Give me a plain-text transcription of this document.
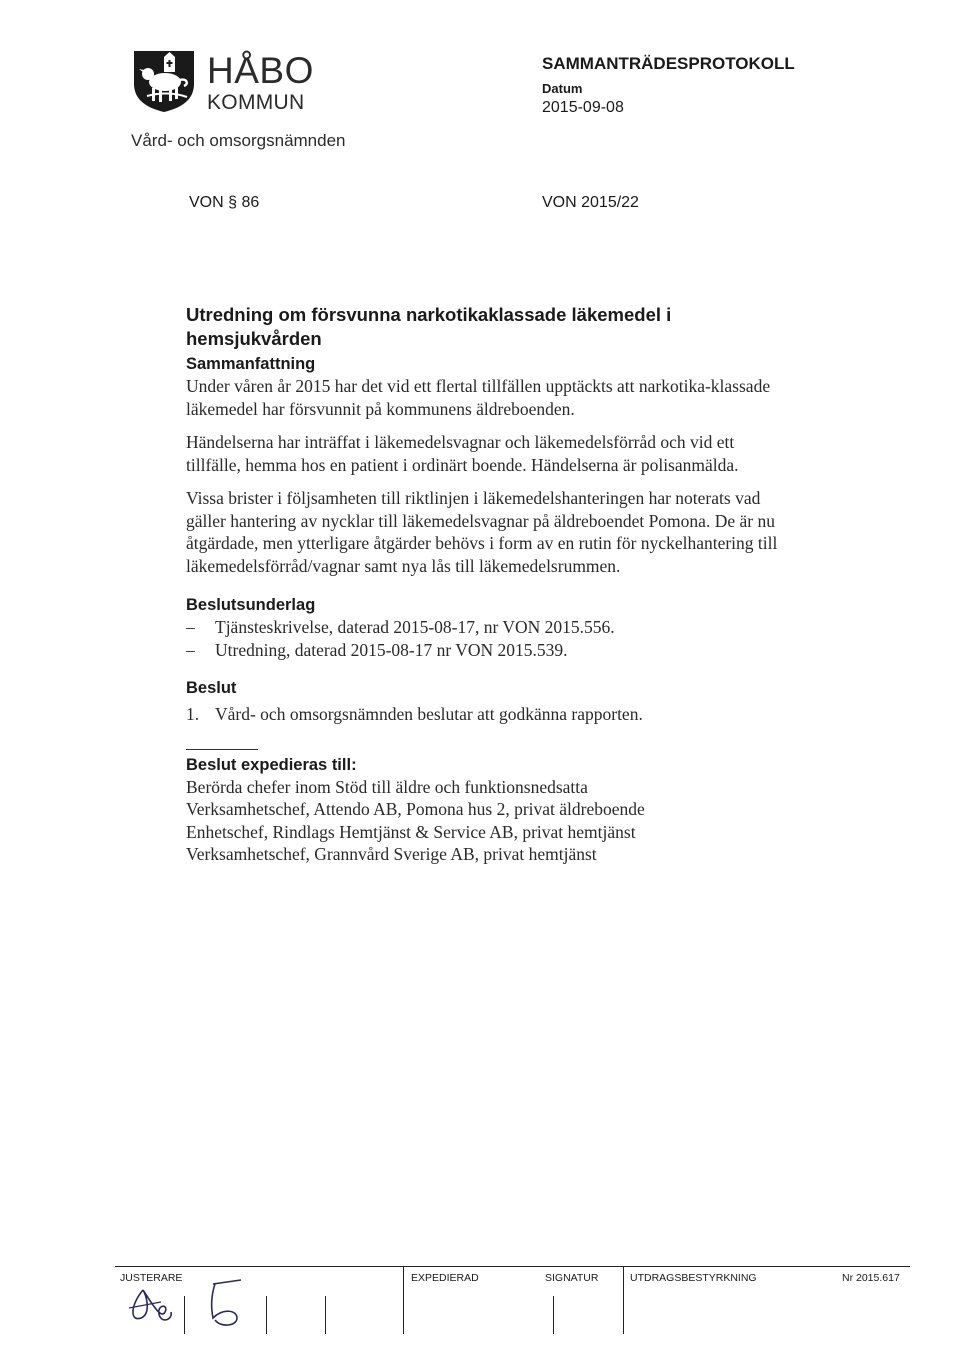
HÅBO
KOMMUN
Vård- och omsorgsnämnden
SAMMANTRÄDESPROTOKOLL
Datum
2015-09-08
VON § 86	VON 2015/22
Utredning om försvunna narkotikaklassade läkemedel i hemsjukvården
Sammanfattning

Under våren år 2015 har det vid ett flertal tillfällen upptäckts att narkotika-klassade läkemedel har försvunnit på kommunens äldreboenden.

Händelserna har inträffat i läkemedelsvagnar och läkemedelsförråd och vid ett tillfälle, hemma hos en patient i ordinärt boende. Händelserna är polisanmälda.

Vissa brister i följsamheten till riktlinjen i läkemedelshanteringen har noterats vad gäller hantering av nycklar till läkemedelsvagnar på äldreboendet Pomona. De är nu åtgärdade, men ytterligare åtgärder behövs i form av en rutin för nyckelhantering till läkemedelsförråd/vagnar samt nya lås till läkemedelsrummen.

Beslutsunderlag
– Tjänsteskrivelse, daterad 2015-08-17, nr VON 2015.556.
– Utredning, daterad 2015-08-17 nr VON 2015.539.
Beslut
1. Vård- och omsorgsnämnden beslutar att godkänna rapporten.
Beslut expedieras till:

Berörda chefer inom Stöd till äldre och funktionsnedsatta

Verksamhetschef, Attendo AB, Pomona hus 2, privat äldreboende

Enhetschef, Rindlags Hemtjänst & Service AB, privat hemtjänst

Verksamhetschef, Grannvård Sverige AB, privat hemtjänst

JUSTERARE	EXPEDIERAD	SIGNATUR	UTDRAGSBESTYRKNING	Nr 2015.617
